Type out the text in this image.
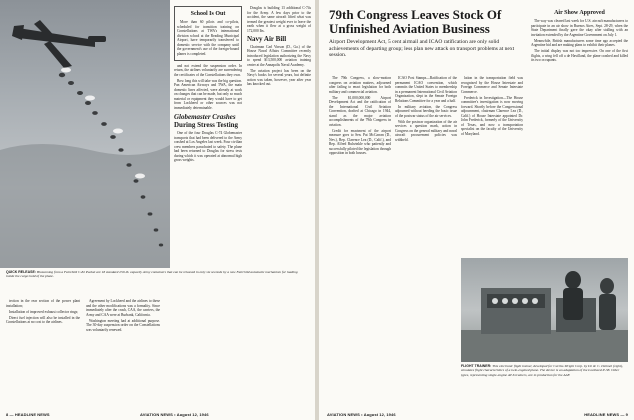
QUICK RELEASE: Blossoming from a Fairchild C-82 Packet are 18 standard 250-lb. capacity Army containers that can be released in only six seconds by a new Fairchild automatic mechanism for loading inside the cargo hold of the plane.

tection in the rear section of the power plant installation;

Installation of improved exhaust collector rings;

Direct fuel injection will also be installed in the Constellations at no cost to the airlines.

Agreement by Lockheed and the airlines to these and the other modifications was a formality. Since immediately after the crash, CAA, the carriers, the Army and CAA were at Burbank, California.

Washington meeting had at additional purpose. The 30-day suspension order on the Constellations was voluntarily renewed.

School Is Out

More than 60 pilots and co-pilots, scheduled for transition training on Constellations at TWA's international division school at the Reading Municipal Airport, have temporarily transferred to domestic service with the company until the government's use of the foreign-bound planes is completed.

and not extend the suspension order. In return, the airlines voluntarily are surrendering the certificates of the Constellations they own.

Bow long this will take was the big question. Pan American Airways and TWA, the main domestic lines affected, were already at work on changes that can be made, but only so much material or equipment they would have to get from Lockheed or other sources was not immediately determinable.

Globemaster Crashes
During Stress Testing

One of the four Douglas C-74 Globemaster transports that had been delivered to the Army crashed at Los Angeles last week. Four civilian crew members parachuted to safety. The plane had been returned to Douglas for stress tests during which it was operated at abnormal high gross weights.

Douglas is building 13 additional C-74s for the Army. A few days prior to the accident, the same aircraft lifted what was termed the greatest weight ever to leave the earth when it flew at a gross weight of 172,000 lbs.

Navy Air Bill

Chairman Carl Vinson (D., Ga.) of the House Naval Affairs Committee recently introduced legislation authorizing the Navy to spend $13,500,000 aviation training center at the Annapolis Naval Academy.

The aviation project has been on the Navy's books for several years, but definite action was taken, however, year after year has knocked out.

8 — HEADLINE NEWS	AVIATION NEWS • August 12, 1946
79th Congress Leaves Stock Of Unfinished Aviation Business
Airport Development Act, 5 cent airmail and ICAO ratification are only solid achievements of departing group; less plan new attack on transport problems at next session.

The 79th Congress, a slow-motion congress on aviation matters, adjourned after failing to enact legislation for both military and commercial aviation.

The $1,000,000,000 Airport Development Act and the ratification of the International Civil Aviation Convention, drafted at Chicago in 1944, stand as the major aviation accomplishments of the 79th Congress in aviation.

Credit for enactment of the airport measure goes to Sen. Pat McCarran (D., Nev.), Rep. Clarence Lea (D., Calif.), and Rep. Alfred Bulwinkle who patiently and successfully piloted the legislation through opposition in both houses.

ICAO Post Stamps—Ratification of the permanent ICAO convention, which commits the United States to membership in a permanent International Civil Aviation Organization, slept in the Senate Foreign Relations Committee for a year and a half.

In military aviation, the Congress adjourned without heeding the basic issue of the postwar status of the air services.

With the postwar organization of the air services a question mark, action in Congress on the general military and naval aircraft procurement policies was withheld.

lation in the transportation field was recognized by the House Interstate and Foreign Commerce and Senate Interstate Commerce.

Frederick in Investigation—The House committee's investigation is now moving forward. Shortly before the Congressional adjournment, chairman Clarence Lea (D., Calif.) of House Interstate appointed Dr. John Frederick, formerly of the University of Texas, and now a transportation specialist on the faculty of the University of Maryland.

Air Show Approved

The way was cleared last week for U.S. aircraft manufacturers to participate in an air show in Buenos Aires, Sept. 28-29, when the State Department finally gave the okay after stalling with an invitation extended by the Argentine Government on July 1.

Meanwhile, British manufacturers some time ago accepted the Argentine bid and are making plans to exhibit their planes.

The initial display was not too impressive. On one of the first flights, a wing fell off a de Havilland, the plane crashed and killed its two occupants.

FLIGHT TRAINER: This electronic flight trainer, developed for Curtiss-Wright Corp. by Dr. R. C. Dehmel (right), simulates flight characteristics of a twin-engined plane. The device is an adaptation of the Lockheed P-38. Other types, representing single-engine AT-6 trainers, are in production for the AAF.
AVIATION NEWS • August 12, 1946	HEADLINE NEWS — 9
